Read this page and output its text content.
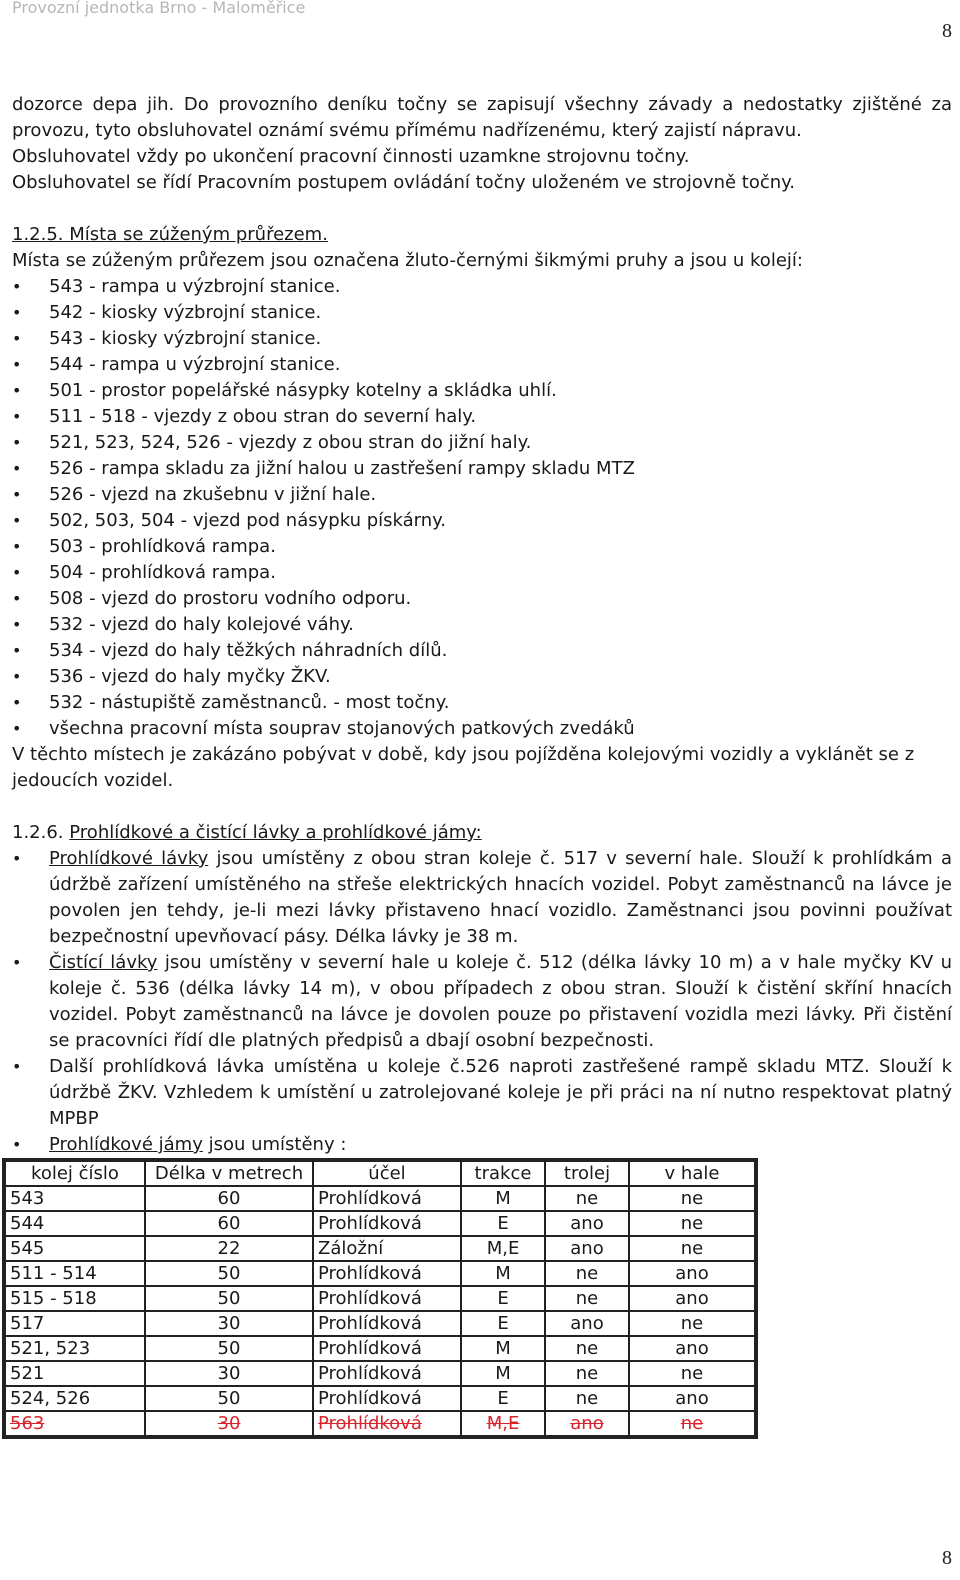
Provozní jednotka Brno - Maloměřice
8

dozorce depa jih. Do provozního deníku točny se zapisují všechny závady a nedostatky zjištěné za provozu, tyto obsluhovatel oznámí svému přímému nadřízenému, který zajistí nápravu.

Obsluhovatel vždy po ukončení pracovní činnosti uzamkne strojovnu točny.

Obsluhovatel se řídí Pracovním postupem ovládání točny uloženém ve strojovně točny.

1.2.5. Místa se zúženým průřezem.

Místa se zúženým průřezem jsou označena žluto-černými šikmými pruhy a jsou u kolejí:

• 543 - rampa u výzbrojní stanice.
• 542 - kiosky výzbrojní stanice.
• 543 - kiosky výzbrojní stanice.
• 544 - rampa u výzbrojní stanice.
• 501 - prostor popelářské násypky kotelny a skládka uhlí.
• 511 - 518 - vjezdy z obou stran do severní haly.
• 521, 523, 524, 526 - vjezdy z obou stran do jižní haly.
• 526 - rampa skladu za jižní halou u zastřešení rampy skladu MTZ
• 526 - vjezd na zkušebnu v jižní hale.
• 502, 503, 504 - vjezd pod násypku pískárny.
• 503 - prohlídková rampa.
• 504 - prohlídková rampa.
• 508 - vjezd do prostoru vodního odporu.
• 532 - vjezd do haly kolejové váhy.
• 534 - vjezd do haly těžkých náhradních dílů.
• 536 - vjezd do haly myčky ŽKV.
• 532 - nástupiště zaměstnanců. - most točny.
• všechna pracovní místa souprav stojanových patkových zvedáků

V těchto místech je zakázáno pobývat v době, kdy jsou pojížděna kolejovými vozidly a vyklánět se z jedoucích vozidel.

1.2.6. Prohlídkové a čistící lávky a prohlídkové jámy:

• Prohlídkové lávky jsou umístěny z obou stran koleje č. 517 v severní hale. Slouží k prohlídkám a údržbě zařízení umístěného na střeše elektrických hnacích vozidel. Pobyt zaměstnanců na lávce je povolen jen tehdy, je-li mezi lávky přistaveno hnací vozidlo. Zaměstnanci jsou povinni používat bezpečnostní upevňovací pásy. Délka lávky je 38 m.
• Čistící lávky jsou umístěny v severní hale u koleje č. 512 (délka lávky 10 m) a v hale myčky KV u koleje č. 536 (délka lávky 14 m), v obou případech z obou stran. Slouží k čistění skříní hnacích vozidel. Pobyt zaměstnanců na lávce je dovolen pouze po přistavení vozidla mezi lávky. Při čistění se pracovníci řídí dle platných předpisů a dbají osobní bezpečnosti.
• Další prohlídková lávka umístěna u koleje č.526 naproti zastřešené rampě skladu MTZ. Slouží k údržbě ŽKV. Vzhledem k umístění u zatrolejované koleje je při práci na ní nutno respektovat platný MPBP
• Prohlídkové jámy jsou umístěny :
kolej číslo	Délka v metrech	účel	trakce	trolej	v hale
543	60	Prohlídková	M	ne	ne
544	60	Prohlídková	E	ano	ne
545	22	Záložní	M,E	ano	ne
511 - 514	50	Prohlídková	M	ne	ano
515 - 518	50	Prohlídková	E	ne	ano
517	30	Prohlídková	E	ano	ne
521, 523	50	Prohlídková	M	ne	ano
521	30	Prohlídková	M	ne	ne
524, 526	50	Prohlídková	E	ne	ano
563	30	Prohlídková	M,E	ano	ne
8
